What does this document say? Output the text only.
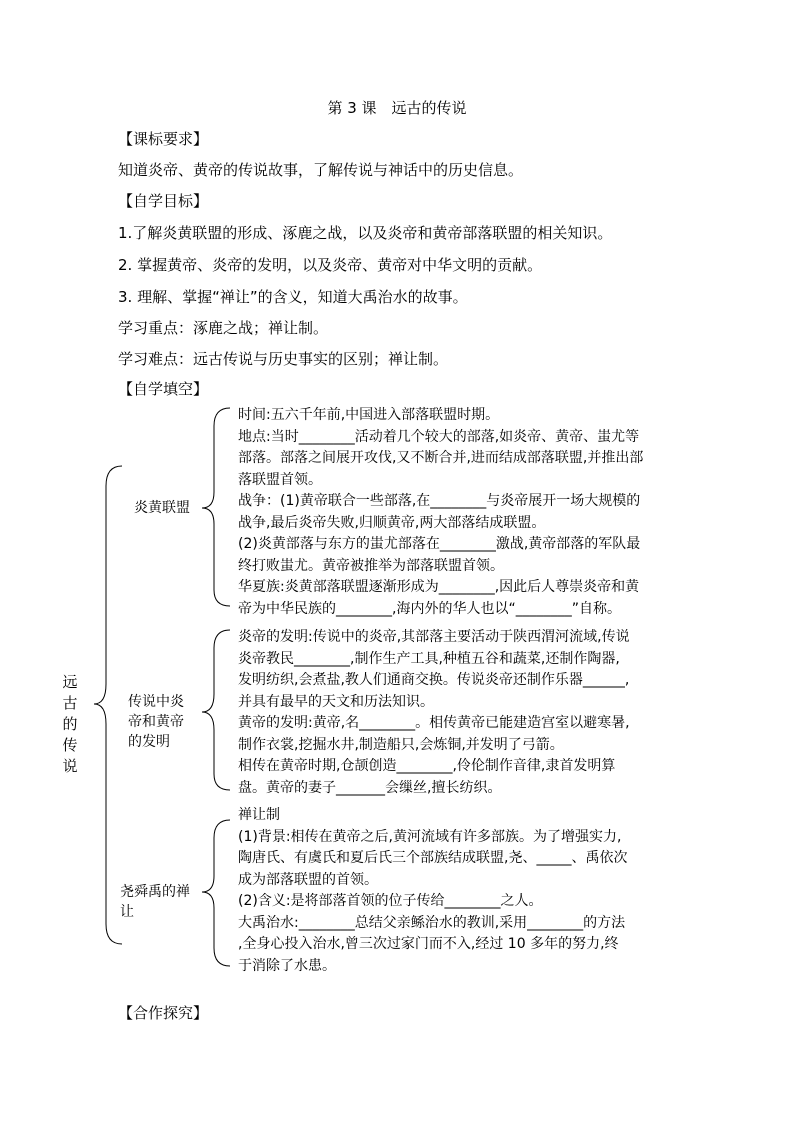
第 3 课　远古的传说
【课标要求】
知道炎帝、黄帝的传说故事，了解传说与神话中的历史信息。
【自学目标】
1.了解炎黄联盟的形成、涿鹿之战，以及炎帝和黄帝部落联盟的相关知识。
2. 掌握黄帝、炎帝的发明，以及炎帝、黄帝对中华文明的贡献。
3. 理解、掌握“禅让”的含义，知道大禹治水的故事。
学习重点：涿鹿之战；禅让制。
学习难点：远古传说与历史事实的区别；禅让制。
【自学填空】
远
古
的
传
说
炎黄联盟
时间:五六千年前,中国进入部落联盟时期。
地点:当时________活动着几个较大的部落,如炎帝、黄帝、蚩尤等
部落。部落之间展开攻伐,又不断合并,进而结成部落联盟,并推出部
落联盟首领。
战争：(1)黄帝联合一些部落,在________与炎帝展开一场大规模的
战争,最后炎帝失败,归顺黄帝,两大部落结成联盟。
(2)炎黄部落与东方的蚩尤部落在________激战,黄帝部落的军队最
终打败蚩尤。黄帝被推举为部落联盟首领。
华夏族:炎黄部落联盟逐渐形成为________,因此后人尊崇炎帝和黄
帝为中华民族的________,海内外的华人也以“________”自称。
传说中炎
帝和黄帝
的发明
炎帝的发明:传说中的炎帝,其部落主要活动于陕西渭河流域,传说
炎帝教民________,制作生产工具,种植五谷和蔬菜,还制作陶器,
发明纺织,会煮盐,教人们通商交换。传说炎帝还制作乐器______,
并具有最早的天文和历法知识。
黄帝的发明:黄帝,名________。相传黄帝已能建造宫室以避寒暑,
制作衣裳,挖掘水井,制造船只,会炼铜,并发明了弓箭。
相传在黄帝时期,仓颉创造________,伶伦制作音律,隶首发明算
盘。黄帝的妻子_______会缫丝,擅长纺织。
尧舜禹的禅
让
禅让制
(1)背景:相传在黄帝之后,黄河流域有许多部族。为了增强实力,
陶唐氏、有虞氏和夏后氏三个部族结成联盟,尧、_____、禹依次
成为部落联盟的首领。
(2)含义:是将部落首领的位子传给________之人。
大禹治水:________总结父亲鲧治水的教训,采用________的方法
,全身心投入治水,曾三次过家门而不入,经过 10 多年的努力,终
于消除了水患。
【合作探究】
